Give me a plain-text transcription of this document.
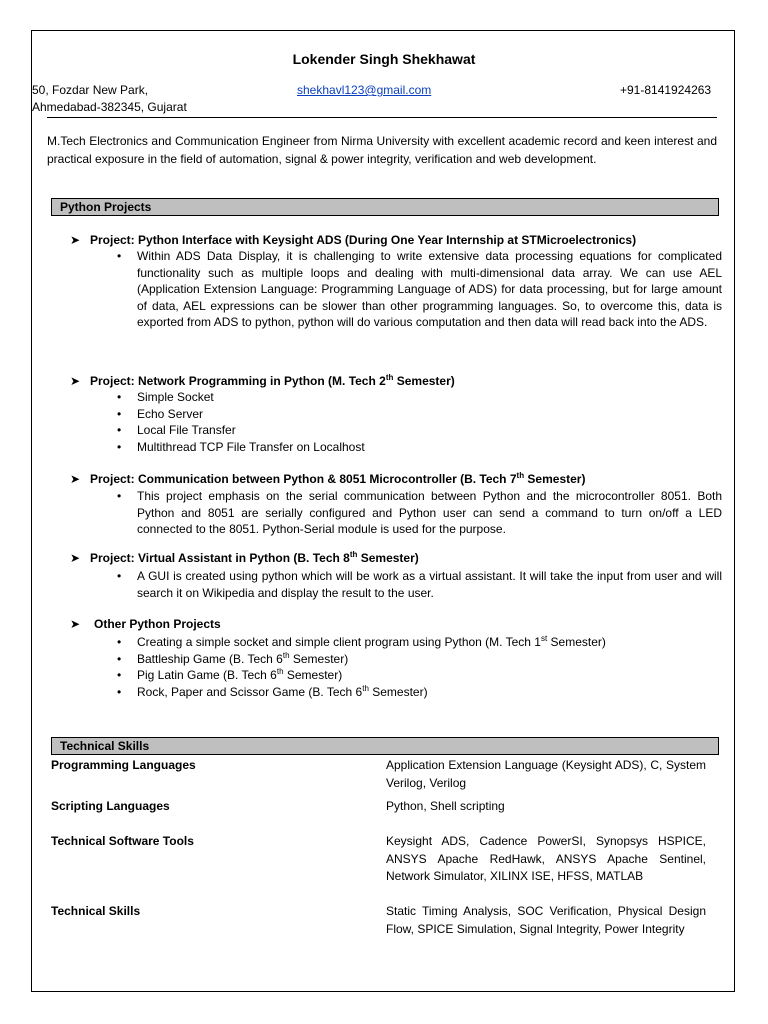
Lokender Singh Shekhawat
50, Fozdar New Park,
Ahmedabad-382345, Gujarat
shekhavl123@gmail.com	+91-8141924263
M.Tech Electronics and Communication Engineer from Nirma University with excellent academic record and keen interest and practical exposure in the field of automation, signal & power integrity, verification and web development.
Python Projects
➤ Project: Python Interface with Keysight ADS (During One Year Internship at STMicroelectronics)
• Within ADS Data Display, it is challenging to write extensive data processing equations for complicated functionality such as multiple loops and dealing with multi-dimensional data array. We can use AEL (Application Extension Language: Programming Language of ADS) for data processing, but for large amount of data, AEL expressions can be slower than other programming languages. So, to overcome this, data is exported from ADS to python, python will do various computation and then data will read back into the ADS.
➤ Project: Network Programming in Python (M. Tech 2th Semester)
• Simple Socket
• Echo Server
• Local File Transfer
• Multithread TCP File Transfer on Localhost
➤ Project: Communication between Python & 8051 Microcontroller (B. Tech 7th Semester)
• This project emphasis on the serial communication between Python and the microcontroller 8051. Both Python and 8051 are serially configured and Python user can send a command to turn on/off a LED connected to the 8051. Python-Serial module is used for the purpose.
➤ Project: Virtual Assistant in Python (B. Tech 8th Semester)
• A GUI is created using python which will be work as a virtual assistant. It will take the input from user and will search it on Wikipedia and display the result to the user.
➤ Other Python Projects
• Creating a simple socket and simple client program using Python (M. Tech 1st Semester)
• Battleship Game (B. Tech 6th Semester)
• Pig Latin Game (B. Tech 6th Semester)
• Rock, Paper and Scissor Game (B. Tech 6th Semester)
Technical Skills
Programming Languages	Application Extension Language (Keysight ADS), C, System Verilog, Verilog
Scripting Languages	Python, Shell scripting
Technical Software Tools	Keysight ADS, Cadence PowerSI, Synopsys HSPICE, ANSYS Apache RedHawk, ANSYS Apache Sentinel, Network Simulator, XILINX ISE, HFSS, MATLAB
Technical Skills	Static Timing Analysis, SOC Verification, Physical Design Flow, SPICE Simulation, Signal Integrity, Power Integrity
